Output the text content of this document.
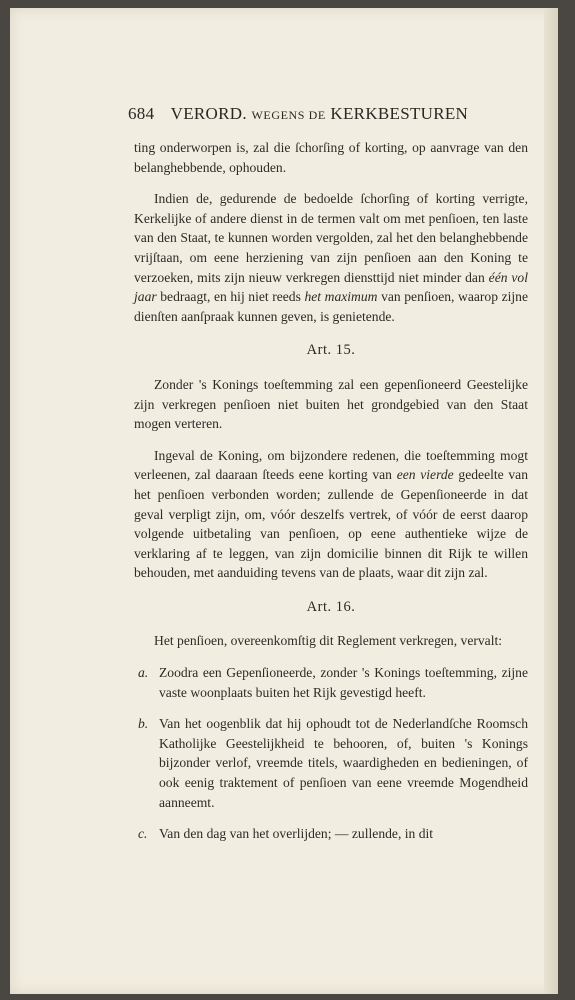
684 VERORD. WEGENS DE KERKBESTUREN

ting onderworpen is, zal die ſchorſing of korting, op aanvrage van den belanghebbende, ophouden.

Indien de, gedurende de bedoelde ſchorſing of korting verrigte, Kerkelijke of andere dienst in de termen valt om met penſioen, ten laste van den Staat, te kunnen worden vergolden, zal het den belanghebbende vrijſtaan, om eene herziening van zijn penſioen aan den Koning te verzoeken, mits zijn nieuw verkregen diensttijd niet minder dan één vol jaar bedraagt, en hij niet reeds het maximum van penſioen, waarop zijne dienſten aanſpraak kunnen geven, is genietende.

Art. 15.

Zonder 's Konings toeſtemming zal een gepenſioneerd Geestelijke zijn verkregen penſioen niet buiten het grondgebied van den Staat mogen verteren.

Ingeval de Koning, om bijzondere redenen, die toeſtemming mogt verleenen, zal daaraan ſteeds eene korting van een vierde gedeelte van het penſioen verbonden worden; zullende de Gepenſioneerde in dat geval verpligt zijn, om, vóór deszelfs vertrek, of vóór de eerst daarop volgende uitbetaling van penſioen, op eene authentieke wijze de verklaring af te leggen, van zijn domicilie binnen dit Rijk te willen behouden, met aanduiding tevens van de plaats, waar dit zijn zal.

Art. 16.

Het penſioen, overeenkomſtig dit Reglement verkregen, vervalt:

a. Zoodra een Gepenſioneerde, zonder 's Konings toeſtemming, zijne vaste woonplaats buiten het Rijk gevestigd heeft.
b. Van het oogenblik dat hij ophoudt tot de Nederlandſche Roomsch Katholijke Geestelijkheid te behooren, of, buiten 's Konings bijzonder verlof, vreemde titels, waardigheden en bedieningen, of ook eenig traktement of penſioen van eene vreemde Mogendheid aanneemt.
c. Van den dag van het overlijden; — zullende, in dit
